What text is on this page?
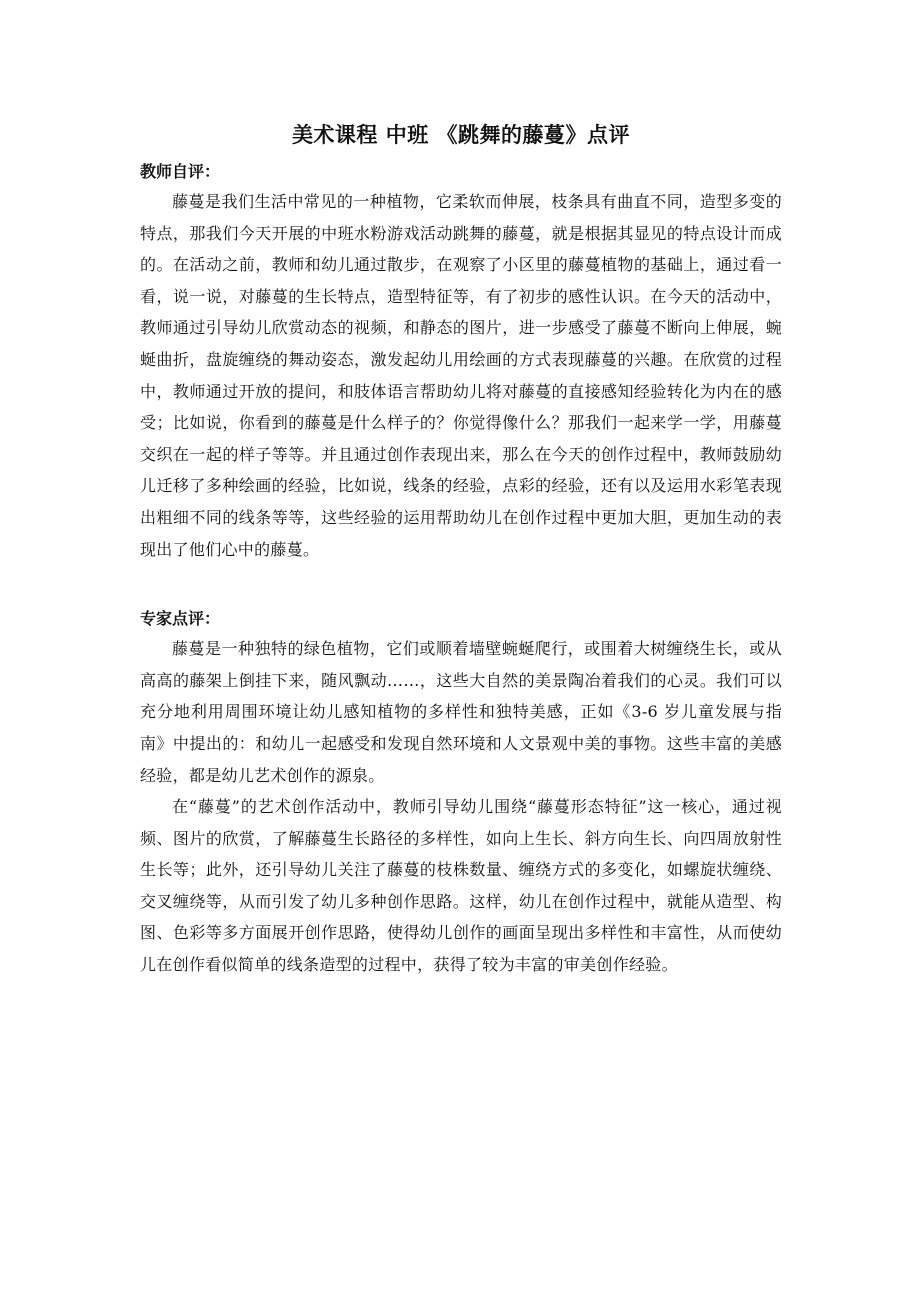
美术课程 中班 《跳舞的藤蔓》点评

教师自评：

藤蔓是我们生活中常见的一种植物，它柔软而伸展，枝条具有曲直不同，造型多变的特点，那我们今天开展的中班水粉游戏活动跳舞的藤蔓，就是根据其显见的特点设计而成的。在活动之前，教师和幼儿通过散步，在观察了小区里的藤蔓植物的基础上，通过看一看，说一说，对藤蔓的生长特点，造型特征等，有了初步的感性认识。在今天的活动中，教师通过引导幼儿欣赏动态的视频，和静态的图片，进一步感受了藤蔓不断向上伸展，蜿蜒曲折，盘旋缠绕的舞动姿态，激发起幼儿用绘画的方式表现藤蔓的兴趣。在欣赏的过程中，教师通过开放的提问，和肢体语言帮助幼儿将对藤蔓的直接感知经验转化为内在的感受；比如说，你看到的藤蔓是什么样子的？你觉得像什么？那我们一起来学一学，用藤蔓交织在一起的样子等等。并且通过创作表现出来，那么在今天的创作过程中，教师鼓励幼儿迁移了多种绘画的经验，比如说，线条的经验，点彩的经验，还有以及运用水彩笔表现出粗细不同的线条等等，这些经验的运用帮助幼儿在创作过程中更加大胆，更加生动的表现出了他们心中的藤蔓。

专家点评：

藤蔓是一种独特的绿色植物，它们或顺着墙壁蜿蜒爬行，或围着大树缠绕生长，或从高高的藤架上倒挂下来，随风飘动……，这些大自然的美景陶冶着我们的心灵。我们可以充分地利用周围环境让幼儿感知植物的多样性和独特美感，正如《3-6 岁儿童发展与指南》中提出的：和幼儿一起感受和发现自然环境和人文景观中美的事物。这些丰富的美感经验，都是幼儿艺术创作的源泉。

在“藤蔓”的艺术创作活动中，教师引导幼儿围绕“藤蔓形态特征”这一核心，通过视频、图片的欣赏，了解藤蔓生长路径的多样性，如向上生长、斜方向生长、向四周放射性生长等；此外，还引导幼儿关注了藤蔓的枝株数量、缠绕方式的多变化，如螺旋状缠绕、交叉缠绕等，从而引发了幼儿多种创作思路。这样，幼儿在创作过程中，就能从造型、构图、色彩等多方面展开创作思路，使得幼儿创作的画面呈现出多样性和丰富性，从而使幼儿在创作看似简单的线条造型的过程中，获得了较为丰富的审美创作经验。
